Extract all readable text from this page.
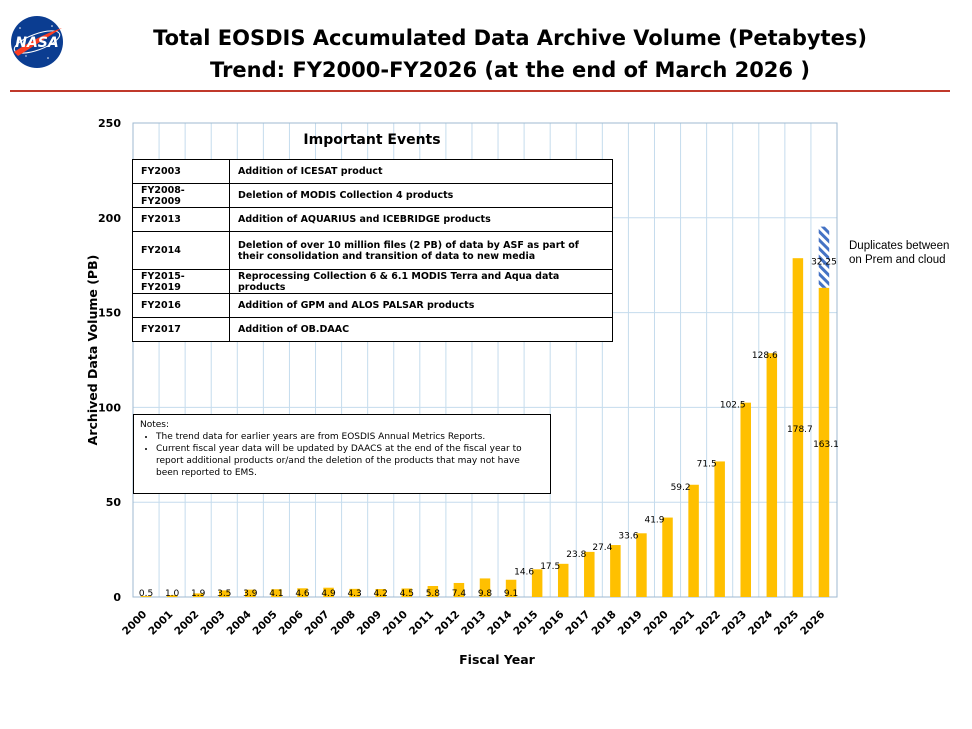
NASA	Total EOSDIS Accumulated Data Archive Volume (Petabytes)
Trend: FY2000-FY2026 (at the end of March 2026 )
0
50
100
150
200
250
2000
2001
2002
2003
2004
2005
2006
2007
2008
2009
2010
2011
2012
2013
2014
2015
2016
2017
2018
2019
2020
2021
2022
2023
2024
2025
2026
0.5 1.0 1.9 3.5 3.9 4.1 4.6 4.9 4.3 4.2 4.5 5.8 7.4 9.8 9.1
14.6
17.5
23.8
27.4
33.6
41.9
59.2
71.5
102.5
128.6
178.7
163.1
32.25
Archived Data Volume (PB)
Fiscal Year
Important Events
FY2003	Addition of ICESAT product
FY2008-FY2009	Deletion of MODIS Collection 4 products
FY2013	Addition of AQUARIUS and ICEBRIDGE products
FY2014	Deletion of over 10 million files (2 PB) of data by ASF as part of their consolidation and transition of data to new media
FY2015-FY2019	Reprocessing Collection 6 & 6.1 MODIS Terra and Aqua data products
FY2016	Addition of GPM and ALOS PALSAR products
FY2017	Addition of OB.DAAC
Notes:
• The trend data for earlier years are from EOSDIS Annual Metrics Reports.
• Current fiscal year data will be updated by DAACS at the end of the fiscal year to report additional products or/and the deletion of the products that may not have been reported to EMS.
Duplicates between on Prem and cloud
